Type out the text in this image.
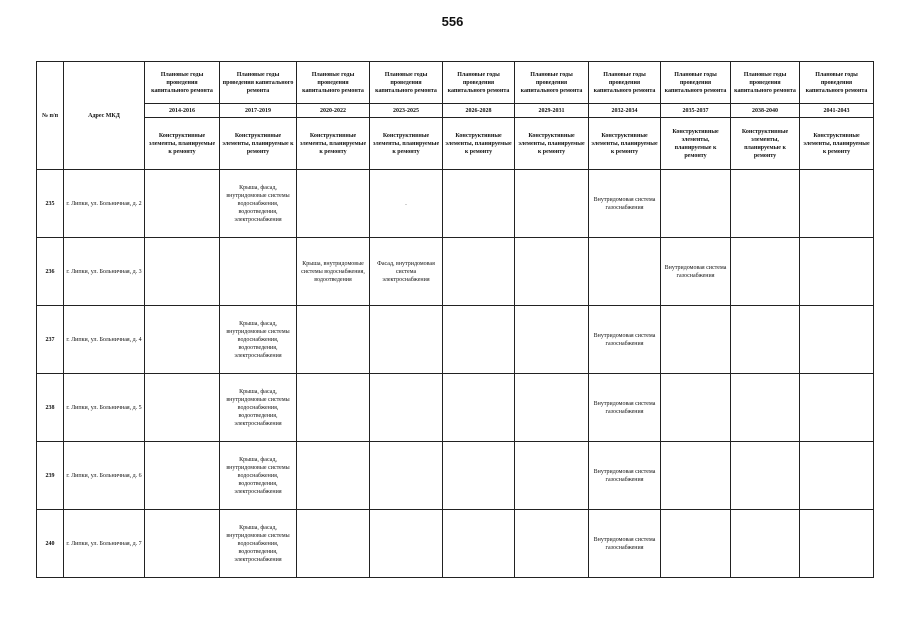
556
№ п/п	Адрес МКД	Плановые годы проведения капитального ремонта	Плановые годы проведения капитального ремонта	Плановые годы проведения капитального ремонта	Плановые годы проведения капитального ремонта	Плановые годы проведения капитального ремонта	Плановые годы проведения капитального ремонта	Плановые годы проведения капитального ремонта	Плановые годы проведения капитального ремонта	Плановые годы проведения капитального ремонта	Плановые годы проведения капитального ремонта
		2014-2016	2017-2019	2020-2022	2023-2025	2026-2028	2029-2031	2032-2034	2035-2037	2038-2040	2041-2043
		Конструктивные элементы, планируемые к ремонту	Конструктивные элементы, планируемые к ремонту	Конструктивные элементы, планируемые к ремонту	Конструктивные элементы, планируемые к ремонту	Конструктивные элементы, планируемые к ремонту	Конструктивные элементы, планируемые к ремонту	Конструктивные элементы, планируемые к ремонту	Конструктивные элементы, планируемые к ремонту	Конструктивные элементы, планируемые к ремонту	Конструктивные элементы, планируемые к ремонту
235	г. Липки, ул. Больничная, д. 2		Крыша, фасад, внутридомовые системы водоснабжения, водоотведения, электроснабжения		.			Внутридомовая система газоснабжения			
236	г. Липки, ул. Больничная, д. 3			Крыша, внутридомовые системы водоснабжения, водоотведения	Фасад, внутридомовая система электроснабжения				Внутридомовая система газоснабжения		
237	г. Липки, ул. Больничная, д. 4		Крыша, фасад, внутридомовые системы водоснабжения, водоотведения, электроснабжения					Внутридомовая система газоснабжения			
238	г. Липки, ул. Больничная, д. 5		Крыша, фасад, внутридомовые системы водоснабжения, водоотведения, электроснабжения					Внутридомовая система газоснабжения			
239	г. Липки, ул. Больничная, д. 6		Крыша, фасад, внутридомовые системы водоснабжения, водоотведения, электроснабжения					Внутридомовая система газоснабжения			
240	г. Липки, ул. Больничная, д. 7		Крыша, фасад, внутридомовые системы водоснабжения, водоотведения, электроснабжения					Внутридомовая система газоснабжения			
